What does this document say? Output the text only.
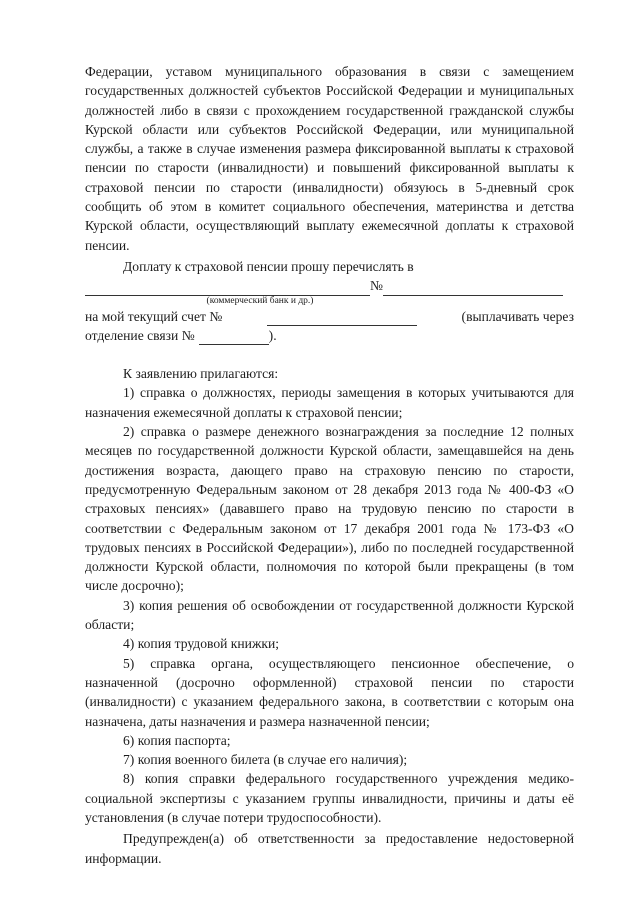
Федерации, уставом муниципального образования в связи с замещением государственных должностей субъектов Российской Федерации и муниципальных должностей либо в связи с прохождением государственной гражданской службы Курской области или субъектов Российской Федерации, или муниципальной службы, а также в случае изменения размера фиксированной выплаты к страховой пенсии по старости (инвалидности) и повышений фиксированной выплаты к страховой пенсии по старости (инвалидности) обязуюсь в 5-дневный срок сообщить об этом в комитет социального обеспечения, материнства и детства Курской области, осуществляющий выплату ежемесячной доплаты к страховой пенсии.

Доплату к страховой пенсии прошу перечислять в

№
(коммерческий банк и др.)
на мой текущий счет №	(выплачивать через
отделение связи №	).

К заявлению прилагаются:

1) справка о должностях, периоды замещения в которых учитываются для назначения ежемесячной доплаты к страховой пенсии;

2) справка о размере денежного вознаграждения за последние 12 полных месяцев по государственной должности Курской области, замещавшейся на день достижения возраста, дающего право на страховую пенсию по старости, предусмотренную Федеральным законом от 28 декабря 2013 года № 400-ФЗ «О страховых пенсиях» (дававшего право на трудовую пенсию по старости в соответствии с Федеральным законом от 17 декабря 2001 года № 173-ФЗ «О трудовых пенсиях в Российской Федерации»), либо по последней государственной должности Курской области, полномочия по которой были прекращены (в том числе досрочно);

3) копия решения об освобождении от государственной должности Курской области;

4) копия трудовой книжки;

5) справка органа, осуществляющего пенсионное обеспечение, о назначенной (досрочно оформленной) страховой пенсии по старости (инвалидности) с указанием федерального закона, в соответствии с которым она назначена, даты назначения и размера назначенной пенсии;

6) копия паспорта;

7) копия военного билета (в случае его наличия);

8) копия справки федерального государственного учреждения медико-социальной экспертизы с указанием группы инвалидности, причины и даты её установления (в случае потери трудоспособности).

Предупрежден(а) об ответственности за предоставление недостоверной информации.
